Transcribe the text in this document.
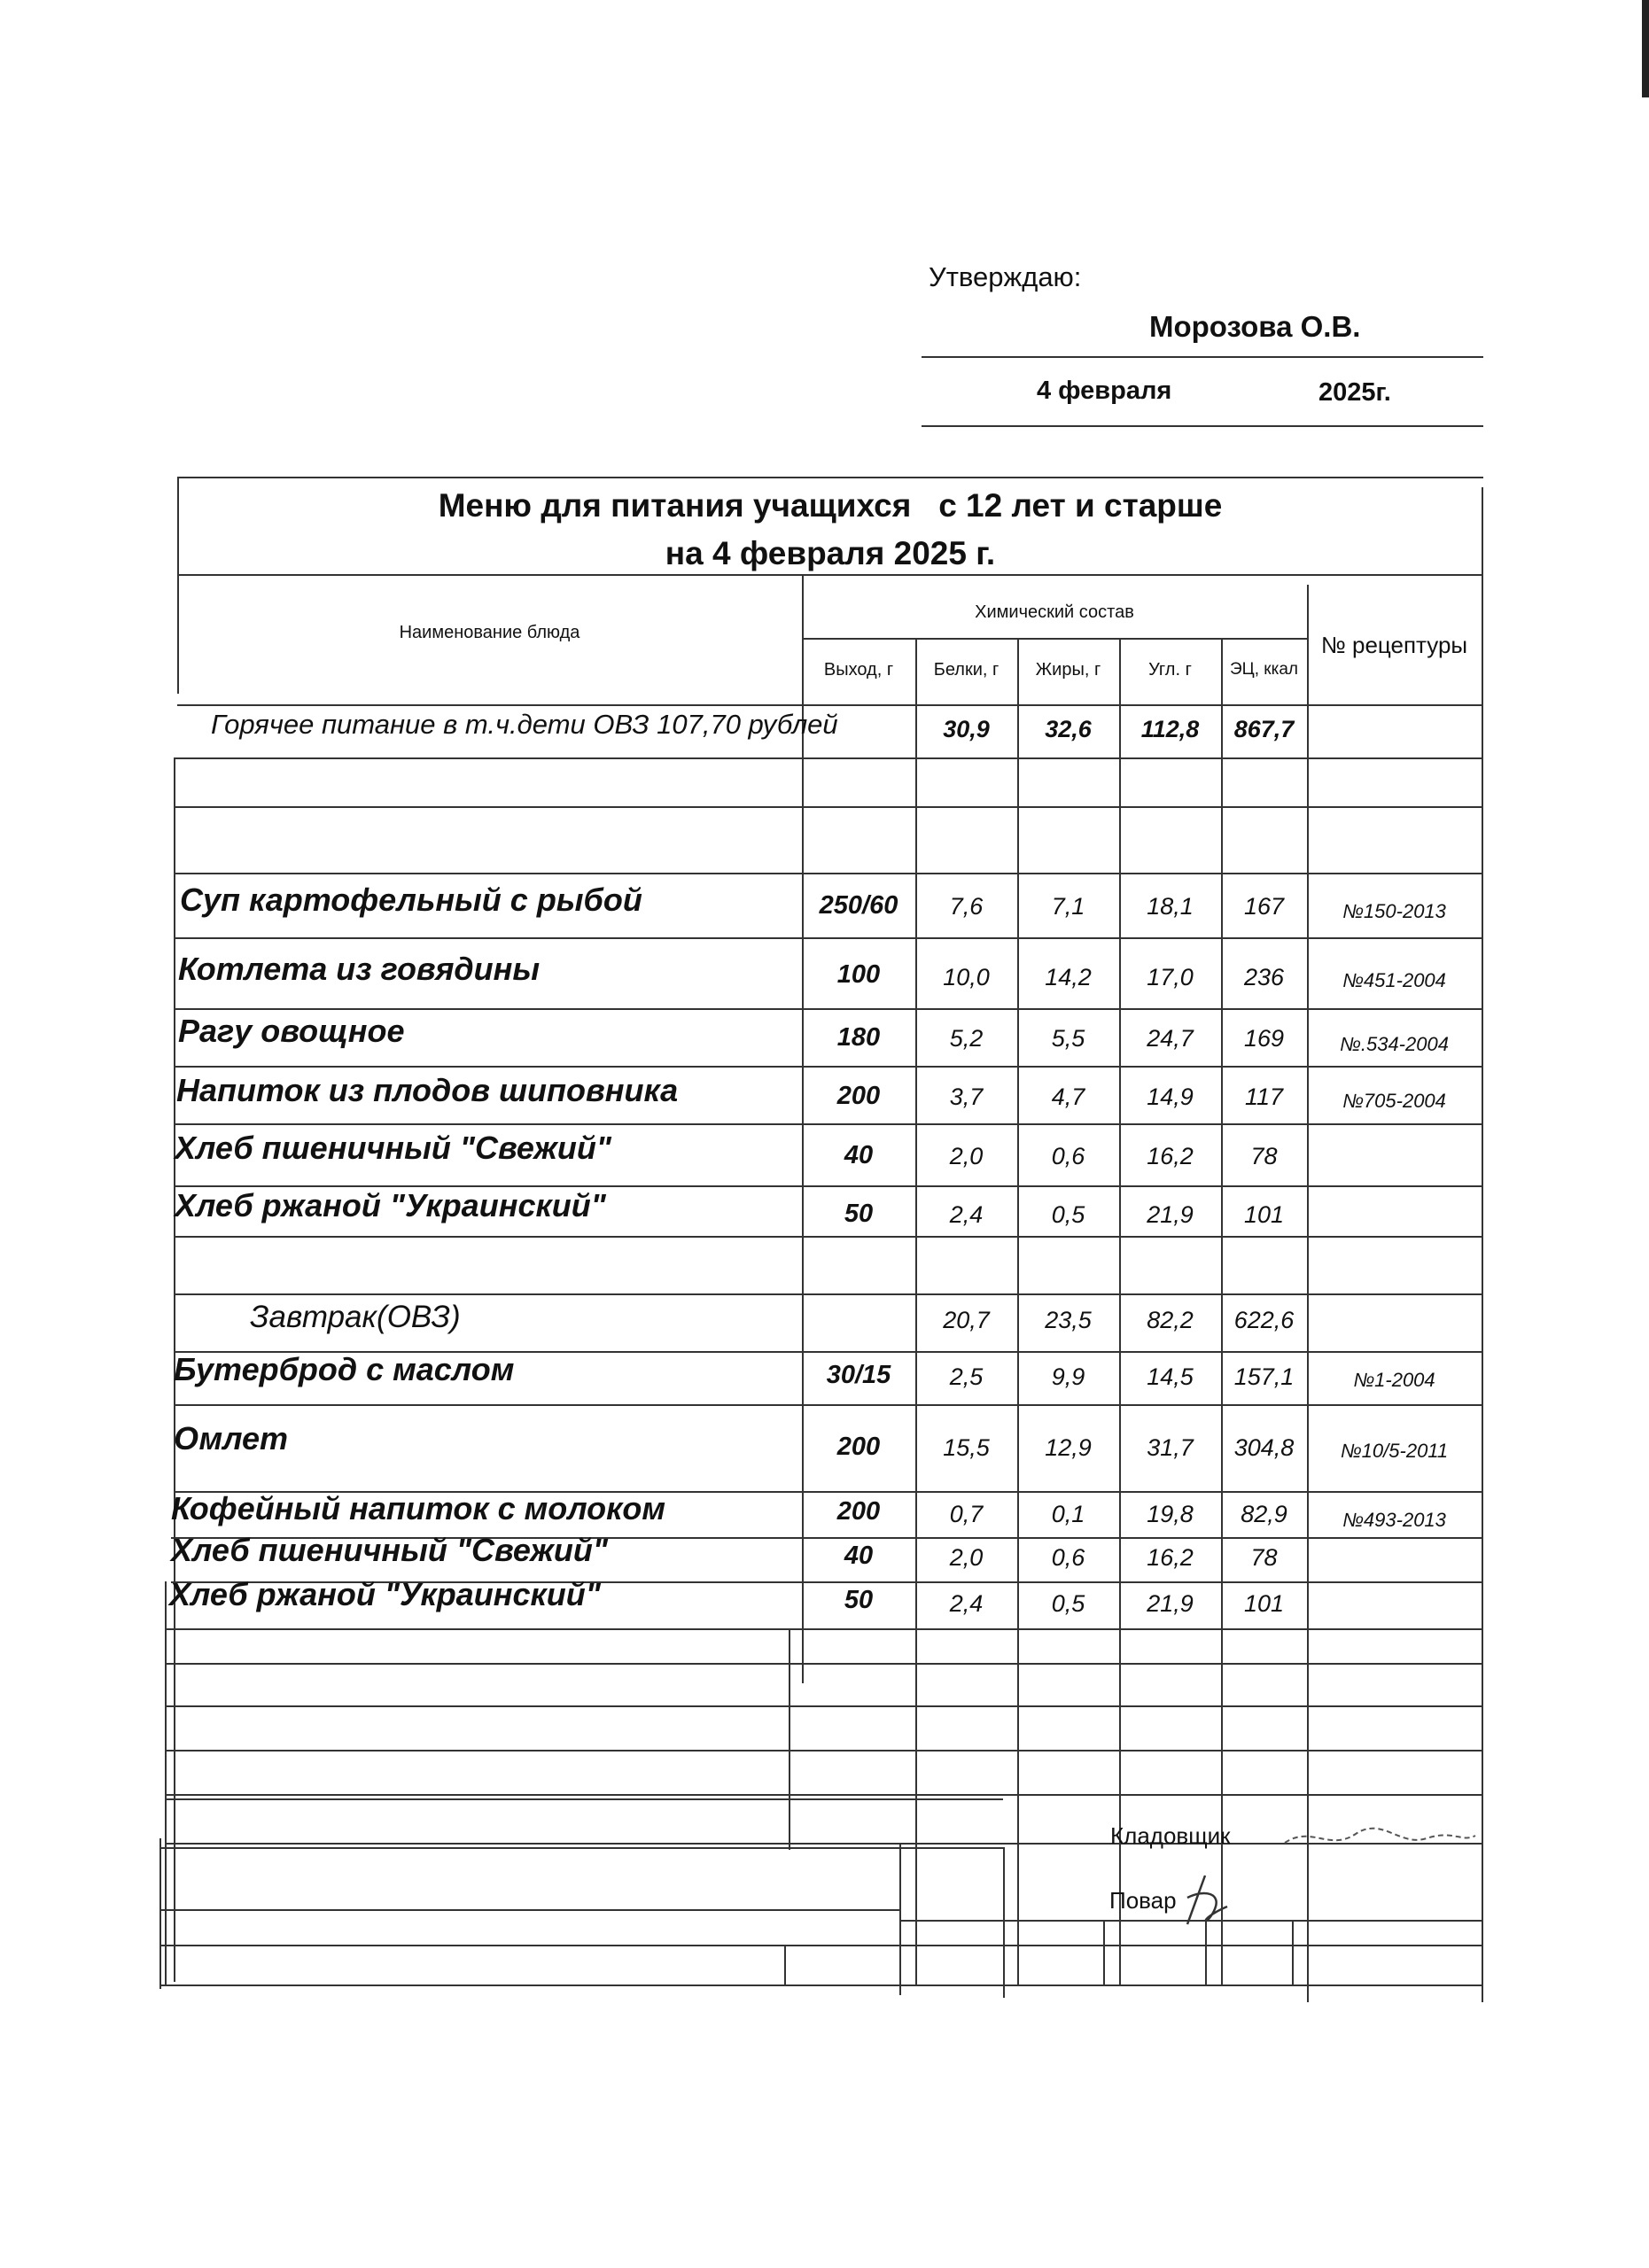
Утверждаю:
Морозова О.В.
4 февраля	2025г.
Меню для питания учащихся   с 12 лет и старше
на 4 февраля 2025 г.
Наименование блюда
Химический состав
№ рецептуры
Выход, г	Белки, г	Жиры, г	Угл. г	ЭЦ, ккал
Горячее питание в т.ч.дети ОВЗ 107,70 рублей	30,9	32,6	112,8	867,7
Суп картофельный с рыбой	250/60	7,6	7,1	18,1	167	№150-2013
Котлета из говядины	100	10,0	14,2	17,0	236	№451-2004
Рагу овощное	180	5,2	5,5	24,7	169	№.534-2004
Напиток из плодов шиповника	200	3,7	4,7	14,9	117	№705-2004
Хлеб пшеничный "Свежий"	40	2,0	0,6	16,2	78
Хлеб ржаной "Украинский"	50	2,4	0,5	21,9	101
Завтрак(ОВЗ)	20,7	23,5	82,2	622,6
Бутерброд с маслом	30/15	2,5	9,9	14,5	157,1	№1-2004
Омлет	200	15,5	12,9	31,7	304,8	№10/5-2011
Кофейный напиток с молоком	200	0,7	0,1	19,8	82,9	№493-2013
Хлеб пшеничный "Свежий"	40	2,0	0,6	16,2	78
Хлеб ржаной "Украинский"	50	2,4	0,5	21,9	101
Кладовщик
Повар
